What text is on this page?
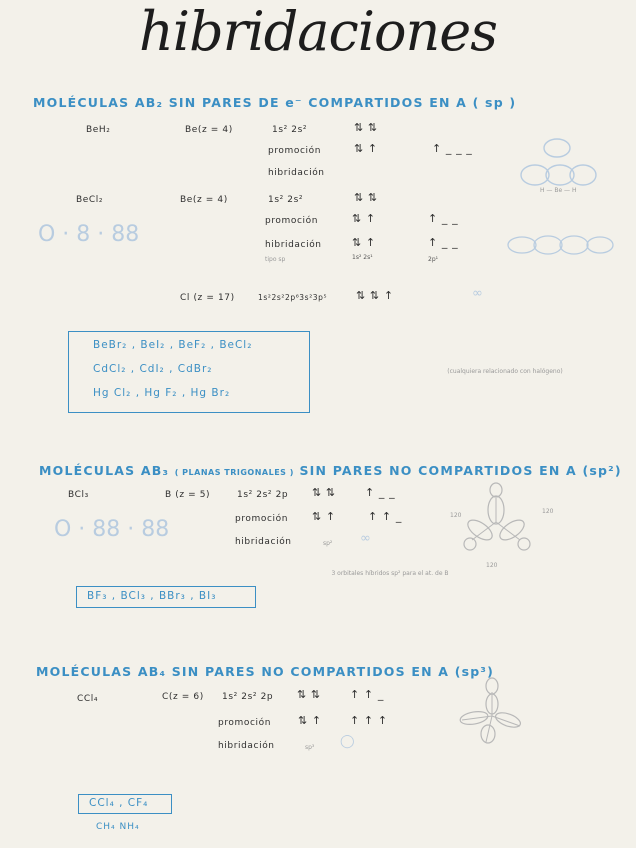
hibridaciones
MOLÉCULAS AB₂ SIN PARES DE e⁻ COMPARTIDOS EN A ( sp )
BeH₂	Be(z = 4)	1s² 2s²	⇅ ⇅
promoción	⇅ ↑	↑ _ _ _
hibridación
H — Be — H
BeCl₂	Be(z = 4)	1s² 2s²	⇅ ⇅
promoción	⇅ ↑	↑ _ _
O · 8 · 88	hibridación	⇅ ↑	↑ _ _
1s² 2s¹	2p¹
tipo sp
Cl (z = 17)	1s²2s²2p⁶3s²3p⁵	⇅ ⇅ ↑	∞
BeBr₂ , BeI₂ , BeF₂ , BeCl₂
CdCl₂ , CdI₂ , CdBr₂
Hg Cl₂ , Hg F₂ , Hg Br₂
(cualquiera relacionado con halógeno)
MOLÉCULAS AB₃ ( PLANAS TRIGONALES ) SIN PARES NO COMPARTIDOS EN A (sp²)
BCl₃	B (z = 5)	1s² 2s² 2p ⇅ ⇅	↑ _ _
promoción ⇅ ↑	↑ ↑ _
O · 88 · 88	hibridación	sp² ∞
120
120
120
3 orbitales híbridos sp² para el at. de B
BF₃ , BCl₃ , BBr₃ , BI₃
MOLÉCULAS AB₄ SIN PARES NO COMPARTIDOS EN A (sp³)
CCl₄	C(z = 6) 1s² 2s² 2p ⇅ ⇅	↑ ↑ _
promoción ⇅ ↑	↑ ↑ ↑
hibridación	sp³ ◯
CCl₄ , CF₄
CH₄ NH₄
